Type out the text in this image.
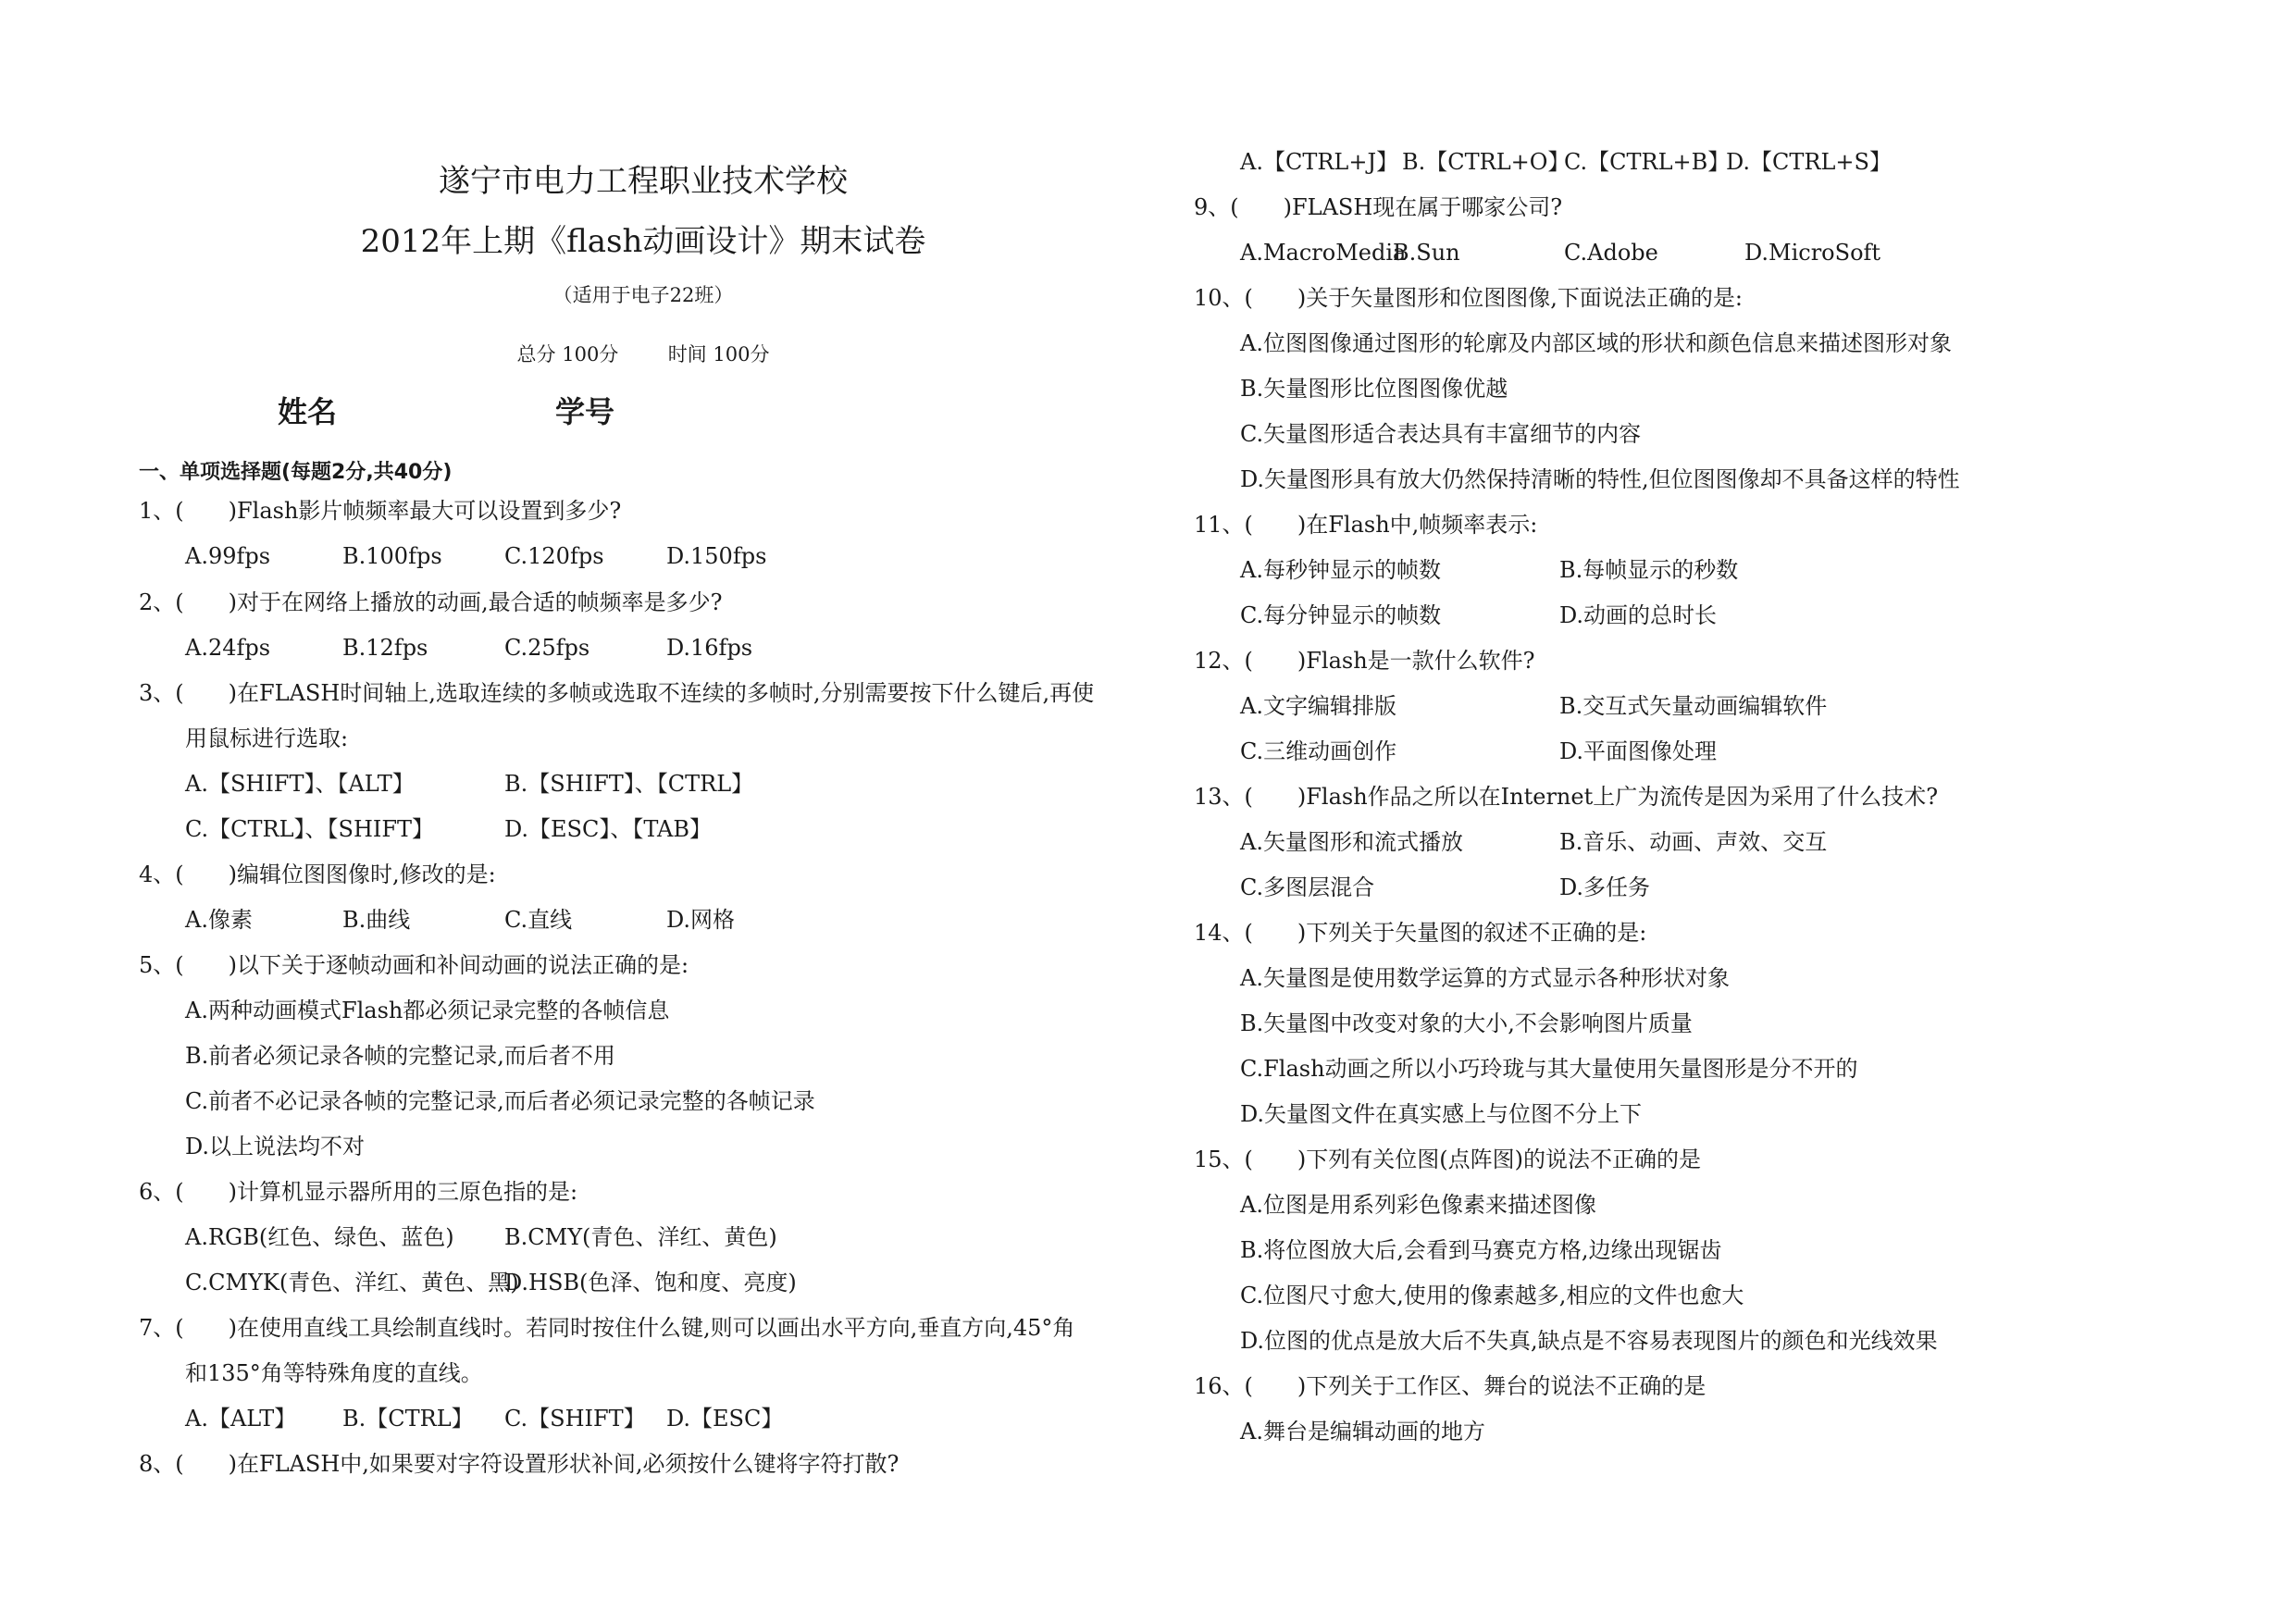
遂宁市电力工程职业技术学校
2012年上期《flash动画设计》期末试卷
（适用于电子22班）
总分 100分	时间 100分
姓名	学号
一、单项选择题(每题2分,共40分)
1、(　　)Flash影片帧频率最大可以设置到多少?
A.99fps	B.100fps	C.120fps	D.150fps
2、(　　)对于在网络上播放的动画,最合适的帧频率是多少?
A.24fps	B.12fps	C.25fps	D.16fps
3、(　　)在FLASH时间轴上,选取连续的多帧或选取不连续的多帧时,分别需要按下什么键后,再使
用鼠标进行选取:
A.【SHIFT】、【ALT】	B.【SHIFT】、【CTRL】
C.【CTRL】、【SHIFT】	D.【ESC】、【TAB】
4、(　　)编辑位图图像时,修改的是:
A.像素	B.曲线	C.直线	D.网格
5、(　　)以下关于逐帧动画和补间动画的说法正确的是:
A.两种动画模式Flash都必须记录完整的各帧信息
B.前者必须记录各帧的完整记录,而后者不用
C.前者不必记录各帧的完整记录,而后者必须记录完整的各帧记录
D.以上说法均不对
6、(　　)计算机显示器所用的三原色指的是:
A.RGB(红色、绿色、蓝色) B.CMY(青色、洋红、黄色)
C.CMYK(青色、洋红、黄色、黑)
D.HSB(色泽、饱和度、亮度)
7、(　　)在使用直线工具绘制直线时。若同时按住什么键,则可以画出水平方向,垂直方向,45°角
和135°角等特殊角度的直线。
A.【ALT】 B.【CTRL】 C.【SHIFT】 D.【ESC】
8、(　　)在FLASH中,如果要对字符设置形状补间,必须按什么键将字符打散?
A.【CTRL+J】 B.【CTRL+O】
C.【CTRL+B】
D.【CTRL+S】
9、(　　)FLASH现在属于哪家公司?
A.MacroMedia
B.Sun	C.Adobe	D.MicroSoft
10、(　　)关于矢量图形和位图图像,下面说法正确的是:
A.位图图像通过图形的轮廓及内部区域的形状和颜色信息来描述图形对象
B.矢量图形比位图图像优越
C.矢量图形适合表达具有丰富细节的内容
D.矢量图形具有放大仍然保持清晰的特性,但位图图像却不具备这样的特性
11、(　　)在Flash中,帧频率表示:
A.每秒钟显示的帧数	B.每帧显示的秒数
C.每分钟显示的帧数	D.动画的总时长
12、(　　)Flash是一款什么软件?
A.文字编辑排版	B.交互式矢量动画编辑软件
C.三维动画创作	D.平面图像处理
13、(　　)Flash作品之所以在Internet上广为流传是因为采用了什么技术?
A.矢量图形和流式播放	B.音乐、动画、声效、交互
C.多图层混合	D.多任务
14、(　　)下列关于矢量图的叙述不正确的是:
A.矢量图是使用数学运算的方式显示各种形状对象
B.矢量图中改变对象的大小,不会影响图片质量
C.Flash动画之所以小巧玲珑与其大量使用矢量图形是分不开的
D.矢量图文件在真实感上与位图不分上下
15、(　　)下列有关位图(点阵图)的说法不正确的是
A.位图是用系列彩色像素来描述图像
B.将位图放大后,会看到马赛克方格,边缘出现锯齿
C.位图尺寸愈大,使用的像素越多,相应的文件也愈大
D.位图的优点是放大后不失真,缺点是不容易表现图片的颜色和光线效果
16、(　　)下列关于工作区、舞台的说法不正确的是
A.舞台是编辑动画的地方
